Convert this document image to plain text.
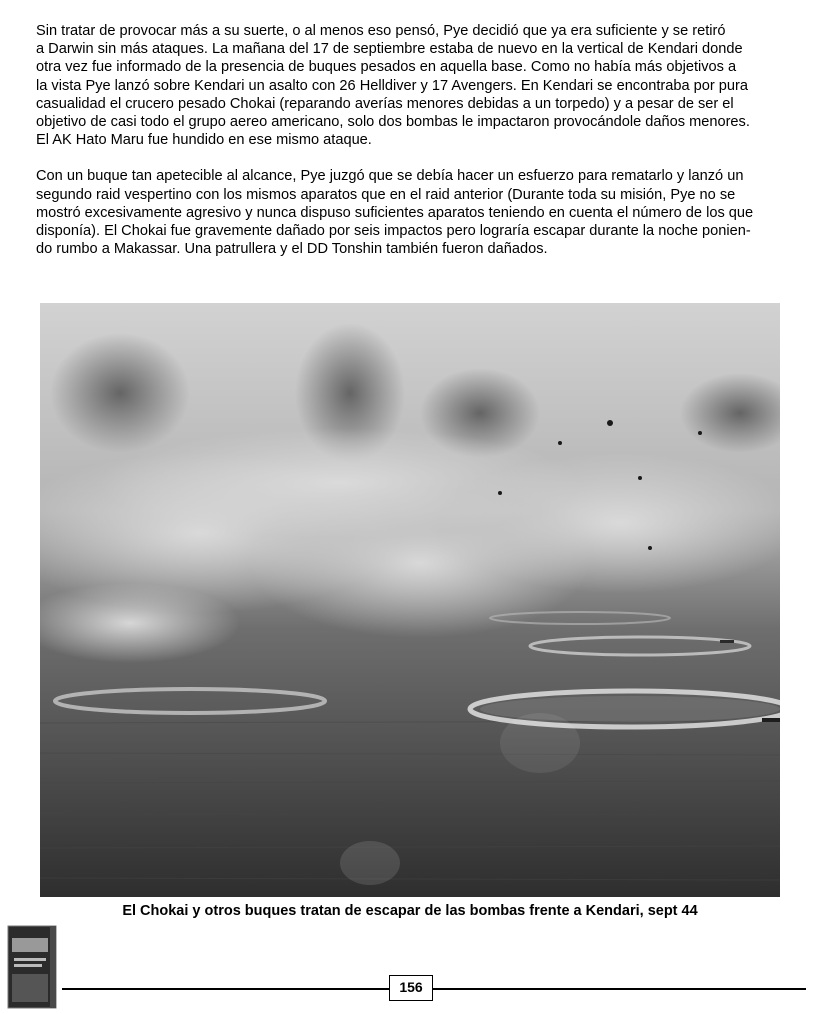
Sin tratar de provocar más a su suerte, o al menos eso pensó, Pye decidió que ya era suficiente y se retiró
a Darwin sin más ataques. La mañana del 17 de septiembre estaba de nuevo en la vertical de Kendari donde
otra vez fue informado de la presencia de buques pesados en aquella base. Como no había más objetivos a
la vista Pye lanzó sobre Kendari un asalto con 26 Helldiver y 17 Avengers. En Kendari se encontraba por pura
casualidad el crucero pesado Chokai (reparando averías menores debidas a un torpedo) y a pesar de ser el
objetivo de casi todo el grupo aereo americano, solo dos bombas le impactaron provocándole daños menores.
El AK Hato Maru fue hundido en ese mismo ataque.

Con un buque tan apetecible al alcance, Pye juzgó que se debía hacer un esfuerzo para rematarlo y lanzó un
segundo raid vespertino con los mismos aparatos que en el raid anterior (Durante toda su misión, Pye no se
mostró excesivamente agresivo y nunca dispuso suficientes aparatos teniendo en cuenta el número de los que
disponía). El Chokai fue gravemente dañado por seis impactos pero lograría escapar durante la noche ponien-
do rumbo a Makassar. Una patrullera y el DD Tonshin también fueron dañados.

El Chokai y otros buques tratan de escapar de las bombas frente a Kendari, sept 44
156
